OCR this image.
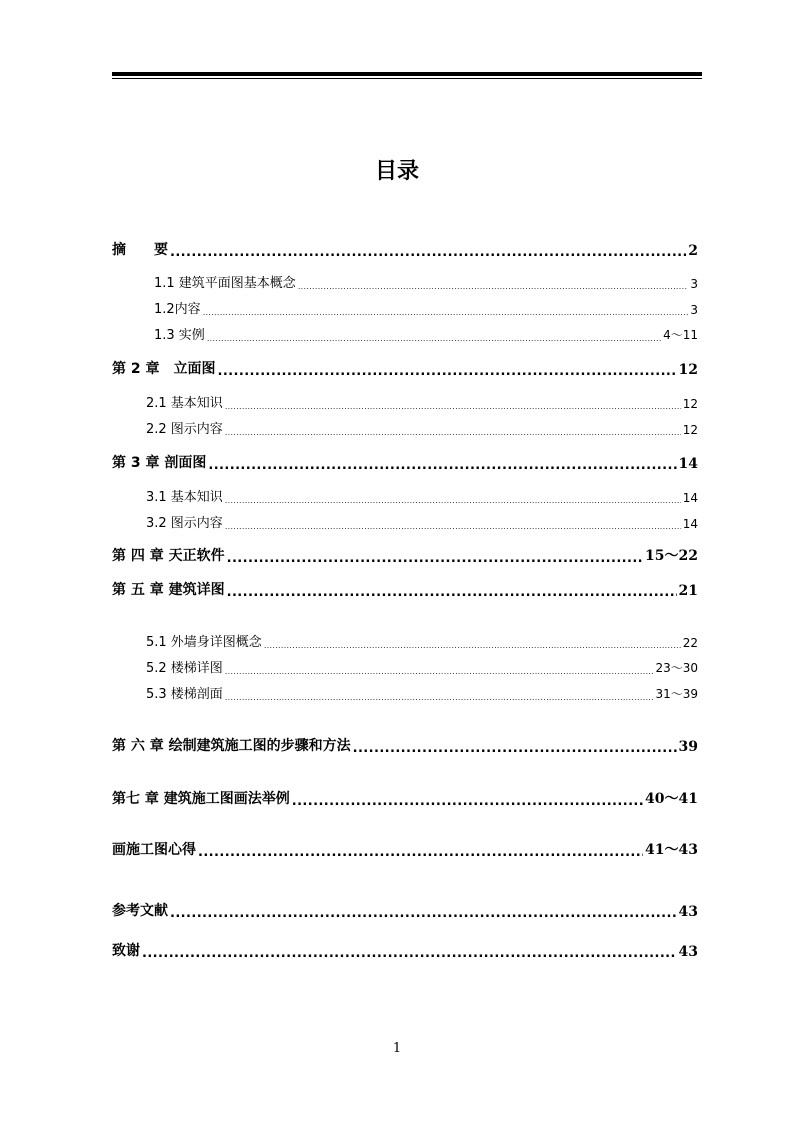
目录
摘　　要 .....	2
1.1 建筑平面图基本概念 .....	3
1.2内容 .....	3
1.3 实例 .....	4～11
第 2 章　立面图 .....	12
2.1 基本知识 .....	12
2.2 图示内容 .....	12
第 3 章 剖面图 .....	14
3.1 基本知识 .....	14
3.2 图示内容 .....	14
第 四 章 天正软件 .....	15～22
第 五 章 建筑详图 .....	21
5.1 外墙身详图概念 .....	22
5.2 楼梯详图 .....	23～30
5.3 楼梯剖面 .....	31～39
第 六 章 绘制建筑施工图的步骤和方法 .....	39
第七 章 建筑施工图画法举例 .....	40～41
画施工图心得 .....	41～43
参考文献 .....	43
致谢 .....	43
1
